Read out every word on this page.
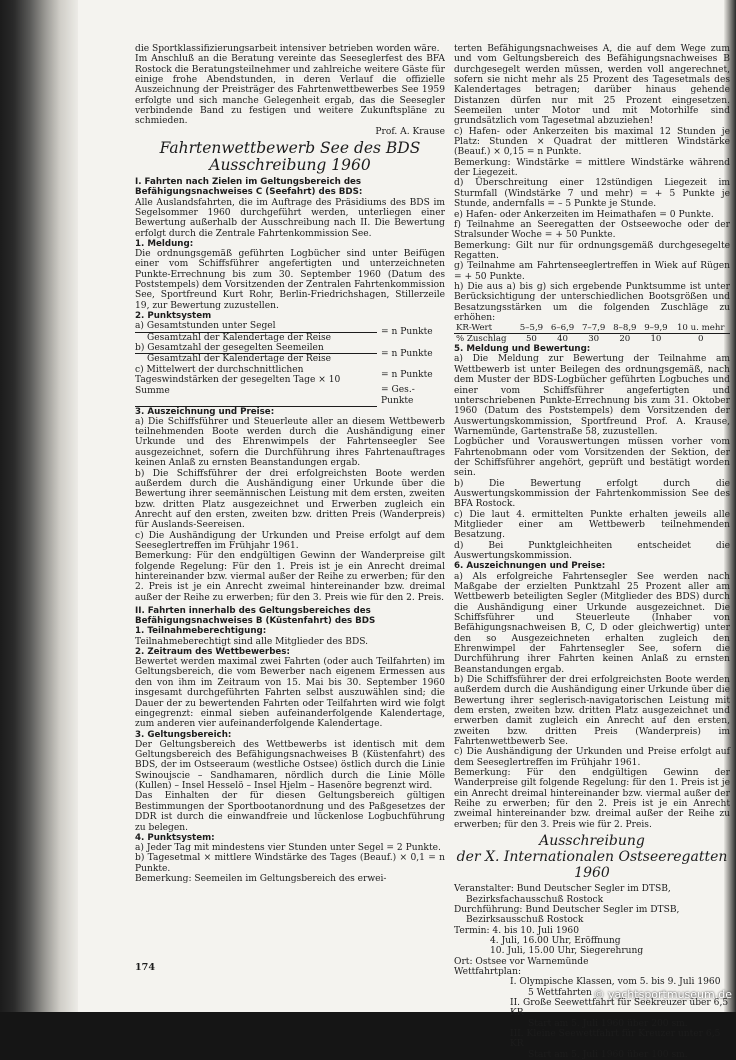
die Sportklassifizierungsarbeit intensiver betrieben worden wäre.

Im Anschluß an die Beratung vereinte das Seeseglerfest des BFA Rostock die Beratungsteilnehmer und zahlreiche weitere Gäste für einige frohe Abendstunden, in deren Verlauf die offizielle Auszeichnung der Preisträger des Fahrtenwettbewerbes See 1959 erfolgte und sich manche Gelegenheit ergab, das die Seesegler verbindende Band zu festigen und weitere Zukunftspläne zu schmieden.

Prof. A. Krause

Fahrtenwettbewerb See des BDS

Ausschreibung 1960

I. Fahrten nach Zielen im Geltungsbereich des Befähigungsnachweises C (Seefahrt) des BDS:

Alle Auslandsfahrten, die im Auftrage des Präsidiums des BDS im Segelsommer 1960 durchgeführt werden, unterliegen einer Bewertung außerhalb der Ausschreibung nach II. Die Bewertung erfolgt durch die Zentrale Fahrtenkommission See.

1. Meldung:

Die ordnungsgemäß geführten Logbücher sind unter Beifügen einer vom Schiffsführer angefertigten und unterzeichneten Punkte-Errechnung bis zum 30. September 1960 (Datum des Poststempels) dem Vorsitzenden der Zentralen Fahrtenkommission See, Sportfreund Kurt Rohr, Berlin-Friedrichshagen, Stillerzeile 19, zur Bewertung zuzustellen.

2. Punktsystem

a) Gesamtstunden unter Segel	= n Punkte
Gesamtzahl der Kalendertage der Reise	
b) Gesamtzahl der gesegelten Seemeilen	= n Punkte
Gesamtzahl der Kalendertage der Reise	
c) Mittelwert der durchschnittlichen Tageswindstärken der gesegelten Tage × 10	= n Punkte
Summe	= Ges.-Punkte

3. Auszeichnung und Preise:

a) Die Schiffsführer und Steuerleute aller an diesem Wettbewerb teilnehmenden Boote werden durch die Aushändigung einer Urkunde und des Ehrenwimpels der Fahrtenseegler See ausgezeichnet, sofern die Durchführung ihres Fahrtenauftrages keinen Anlaß zu ernsten Beanstandungen ergab.

b) Die Schiffsführer der drei erfolgreichsten Boote werden außerdem durch die Aushändigung einer Urkunde über die Bewertung ihrer seemännischen Leistung mit dem ersten, zweiten bzw. dritten Platz ausgezeichnet und Erwerben zugleich ein Anrecht auf den ersten, zweiten bzw. dritten Preis (Wanderpreis) für Auslands-Seereisen.

c) Die Aushändigung der Urkunden und Preise erfolgt auf dem Seeseglertreffen im Frühjahr 1961.

Bemerkung: Für den endgültigen Gewinn der Wanderpreise gilt folgende Regelung: Für den 1. Preis ist je ein Anrecht dreimal hintereinander bzw. viermal außer der Reihe zu erwerben; für den 2. Preis ist je ein Anrecht zweimal hintereinander bzw. dreimal außer der Reihe zu erwerben; für den 3. Preis wie für den 2. Preis.

II. Fahrten innerhalb des Geltungsbereiches des Befähigungsnachweises B (Küstenfahrt) des BDS

1. Teilnahmeberechtigung:

Teilnahmeberechtigt sind alle Mitglieder des BDS.

2. Zeitraum des Wettbewerbes:

Bewertet werden maximal zwei Fahrten (oder auch Teilfahrten) im Geltungsbereich, die vom Bewerber nach eigenem Ermessen aus den von ihm im Zeitraum von 15. Mai bis 30. September 1960 insgesamt durchgeführten Fahrten selbst auszuwählen sind; die Dauer der zu bewertenden Fahrten oder Teilfahrten wird wie folgt eingegrenzt: einmal sieben aufeinanderfolgende Kalendertage, zum anderen vier aufeinanderfolgende Kalendertage.

3. Geltungsbereich:

Der Geltungsbereich des Wettbewerbs ist identisch mit dem Geltungsbereich des Befähigungsnachweises B (Küstenfahrt) des BDS, der im Ostseeraum (westliche Ostsee) östlich durch die Linie Swinoujscie – Sandhamaren, nördlich durch die Linie Mölle (Kullen) – Insel Hesselö – Insel Hjelm – Hasenöre begrenzt wird.

Das Einhalten der für diesen Geltungsbereich gültigen Bestimmungen der Sportbootanordnung und des Paßgesetzes der DDR ist durch die einwandfreie und lückenlose Logbuchführung zu belegen.

4. Punktsystem:

a) Jeder Tag mit mindestens vier Stunden unter Segel = 2 Punkte.

b) Tagesetmal × mittlere Windstärke des Tages (Beauf.) × 0,1 = n Punkte.

Bemerkung: Seemeilen im Geltungsbereich des erwei-

174

terten Befähigungsnachweises A, die auf dem Wege zum und vom Geltungsbereich des Befähigungsnachweises B durchgesegelt werden müssen, werden voll angerechnet, sofern sie nicht mehr als 25 Prozent des Tagesetmals des Kalendertages betragen; darüber hinaus gehende Distanzen dürfen nur mit 25 Prozent eingesetzen. Seemeilen unter Motor und mit Motorhilfe sind grundsätzlich vom Tagesetmal abzuziehen!

c) Hafen- oder Ankerzeiten bis maximal 12 Stunden je Platz: Stunden × Quadrat der mittleren Windstärke (Beauf.) × 0,15 = n Punkte.

Bemerkung: Windstärke = mittlere Windstärke während der Liegezeit.

d) Überschreitung einer 12stündigen Liegezeit im Sturmfall (Windstärke 7 und mehr) = + 5 Punkte je Stunde, andernfalls = – 5 Punkte je Stunde.

e) Hafen- oder Ankerzeiten im Heimathafen = 0 Punkte.

f) Teilnahme an Seeregatten der Ostseewoche oder der Stralsunder Woche = + 50 Punkte.

Bemerkung: Gilt nur für ordnungsgemäß durchgesegelte Regatten.

g) Teilnahme am Fahrtenseeglertreffen in Wiek auf Rügen = + 50 Punkte.

h) Die aus a) bis g) sich ergebende Punktsumme ist unter Berücksichtigung der unterschiedlichen Bootsgrößen und Besatzungsstärken um die folgenden Zuschläge zu erhöhen:

KR-Wert	5–5,9	6–6,9	7–7,9	8–8,9	9–9,9	10 u. mehr
% Zuschlag	50	40	30	20	10	0

5. Meldung und Bewertung:

a) Die Meldung zur Bewertung der Teilnahme am Wettbewerb ist unter Beilegen des ordnungsgemäß, nach dem Muster der BDS-Logbücher geführten Logbuches und einer vom Schiffsführer angefertigten und unterschriebenen Punkte-Errechnung bis zum 31. Oktober 1960 (Datum des Poststempels) dem Vorsitzenden der Auswertungskommission, Sportfreund Prof. A. Krause, Warnemünde, Gartenstraße 58, zuzustellen.

Logbücher und Vorauswertungen müssen vorher vom Fahrtenobmann oder vom Vorsitzenden der Sektion, der der Schiffsführer angehört, geprüft und bestätigt worden sein.

b) Die Bewertung erfolgt durch die Auswertungskommission der Fahrtenkommission See des BFA Rostock.

c) Die laut 4. ermittelten Punkte erhalten jeweils alle Mitglieder einer am Wettbewerb teilnehmenden Besatzung.

d) Bei Punktgleichheiten entscheidet die Auswertungskommission.

6. Auszeichnungen und Preise:

a) Als erfolgreiche Fahrtensegler See werden nach Maßgabe der erzielten Punktzahl 25 Prozent aller am Wettbewerb beteiligten Segler (Mitglieder des BDS) durch die Aushändigung einer Urkunde ausgezeichnet. Die Schiffsführer und Steuerleute (Inhaber von Befähigungsnachweisen B, C, D oder gleichwertig) unter den so Ausgezeichneten erhalten zugleich den Ehrenwimpel der Fahrtensegler See, sofern die Durchführung ihrer Fahrten keinen Anlaß zu ernsten Beanstandungen ergab.

b) Die Schiffsführer der drei erfolgreichsten Boote werden außerdem durch die Aushändigung einer Urkunde über die Bewertung ihrer seglerisch-navigatorischen Leistung mit dem ersten, zweiten bzw. dritten Platz ausgezeichnet und erwerben damit zugleich ein Anrecht auf den ersten, zweiten bzw. dritten Preis (Wanderpreis) im Fahrtenwettbewerb See.

c) Die Aushändigung der Urkunden und Preise erfolgt auf dem Seeseglertreffen im Frühjahr 1961.

Bemerkung: Für den endgültigen Gewinn der Wanderpreise gilt folgende Regelung: für den 1. Preis ist je ein Anrecht dreimal hintereinander bzw. viermal außer der Reihe zu erwerben; für den 2. Preis ist je ein Anrecht zweimal hintereinander bzw. dreimal außer der Reihe zu erwerben; für den 3. Preis wie für 2. Preis.

Ausschreibung

der X. Internationalen Ostseeregatten 1960

Veranstalter: Bund Deutscher Segler im DTSB,

Bezirksfachausschuß Rostock

Durchführung: Bund Deutscher Segler im DTSB,

Bezirksausschuß Rostock

Termin: 4. bis 10. Juli 1960

4. Juli, 16.00 Uhr, Eröffnung

10. Juli, 15.00 Uhr, Siegerehrung

Ort: Ostsee vor Warnemünde

Wettfahrtplan:

I. Olympische Klassen, vom 5. bis 9. Juli 1960

5 Wettfahrten

II. Große Seewettfahrt für Seekreuzer über 6,5 KR

Start am 5. Juli 1960 über 200 sm.

III. Kleine Seewettfahrt für Kreuzer unter 6,5 KR

Start am 5. Juli 1960 über 100 sm.

© yachtsportmuseum.de
